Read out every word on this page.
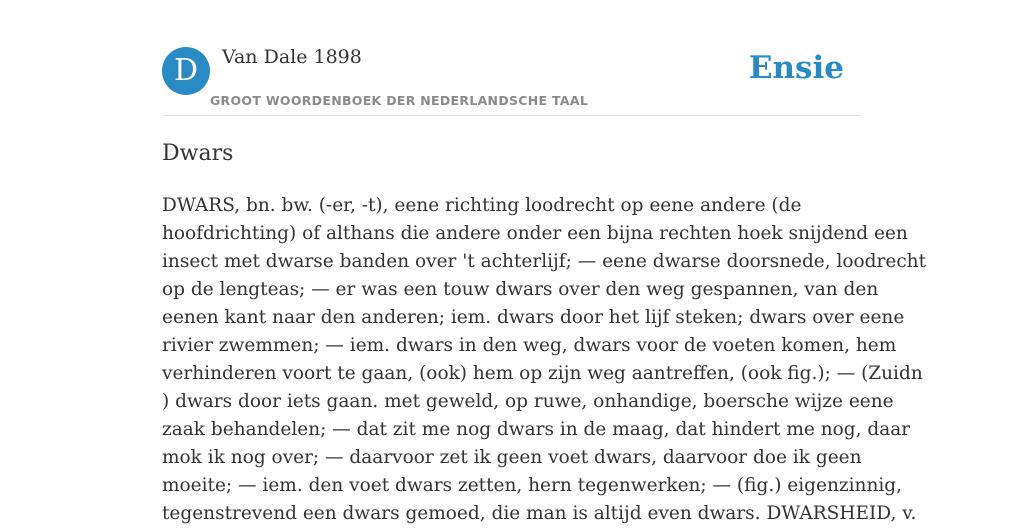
D	Van Dale 1898
GROOT WOORDENBOEK DER NEDERLANDSCHE TAAL
Ensie
Dwars
DWARS, bn. bw. (-er, -t), eene richting loodrecht op eene andere (de
hoofdrichting) of althans die andere onder een bijna rechten hoek snijdend een
insect met dwarse banden over 't achterlijf; — eene dwarse doorsnede, loodrecht
op de lengteas; — er was een touw dwars over den weg gespannen, van den
eenen kant naar den anderen; iem. dwars door het lijf steken; dwars over eene
rivier zwemmen; — iem. dwars in den weg, dwars voor de voeten komen, hem
verhinderen voort te gaan, (ook) hem op zijn weg aantreffen, (ook fig.); — (Zuidn
) dwars door iets gaan. met geweld, op ruwe, onhandige, boersche wijze eene
zaak behandelen; — dat zit me nog dwars in de maag, dat hindert me nog, daar
mok ik nog over; — daarvoor zet ik geen voet dwars, daarvoor doe ik geen
moeite; — iem. den voet dwars zetten, hern tegenwerken; — (fig.) eigenzinnig,
tegenstrevend een dwars gemoed, die man is altijd even dwars. DWARSHEID, v.
